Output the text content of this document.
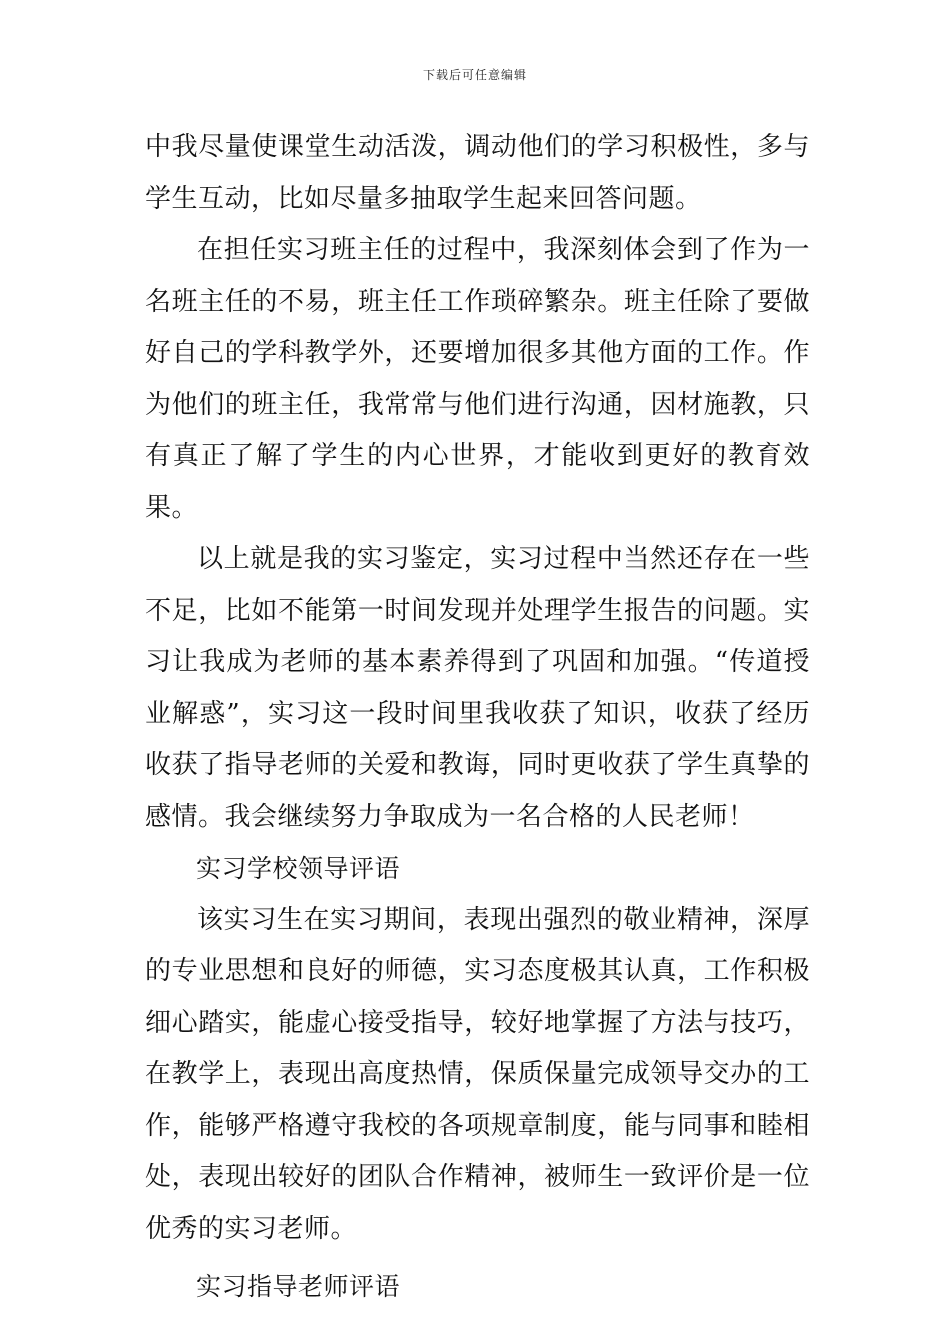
下载后可任意编辑

中我尽量使课堂生动活泼，调动他们的学习积极性，多与学生互动，比如尽量多抽取学生起来回答问题。

在担任实习班主任的过程中，我深刻体会到了作为一名班主任的不易，班主任工作琐碎繁杂。班主任除了要做好自己的学科教学外，还要增加很多其他方面的工作。作为他们的班主任，我常常与他们进行沟通，因材施教，只有真正了解了学生的内心世界，才能收到更好的教育效果。

以上就是我的实习鉴定，实习过程中当然还存在一些不足，比如不能第一时间发现并处理学生报告的问题。实习让我成为老师的基本素养得到了巩固和加强。“传道授业解惑”，实习这一段时间里我收获了知识，收获了经历收获了指导老师的关爱和教诲，同时更收获了学生真挚的感情。我会继续努力争取成为一名合格的人民老师！

实习学校领导评语

该实习生在实习期间，表现出强烈的敬业精神，深厚的专业思想和良好的师德，实习态度极其认真，工作积极细心踏实，能虚心接受指导，较好地掌握了方法与技巧，在教学上，表现出高度热情，保质保量完成领导交办的工作，能够严格遵守我校的各项规章制度，能与同事和睦相处，表现出较好的团队合作精神，被师生一致评价是一位优秀的实习老师。

实习指导老师评语
